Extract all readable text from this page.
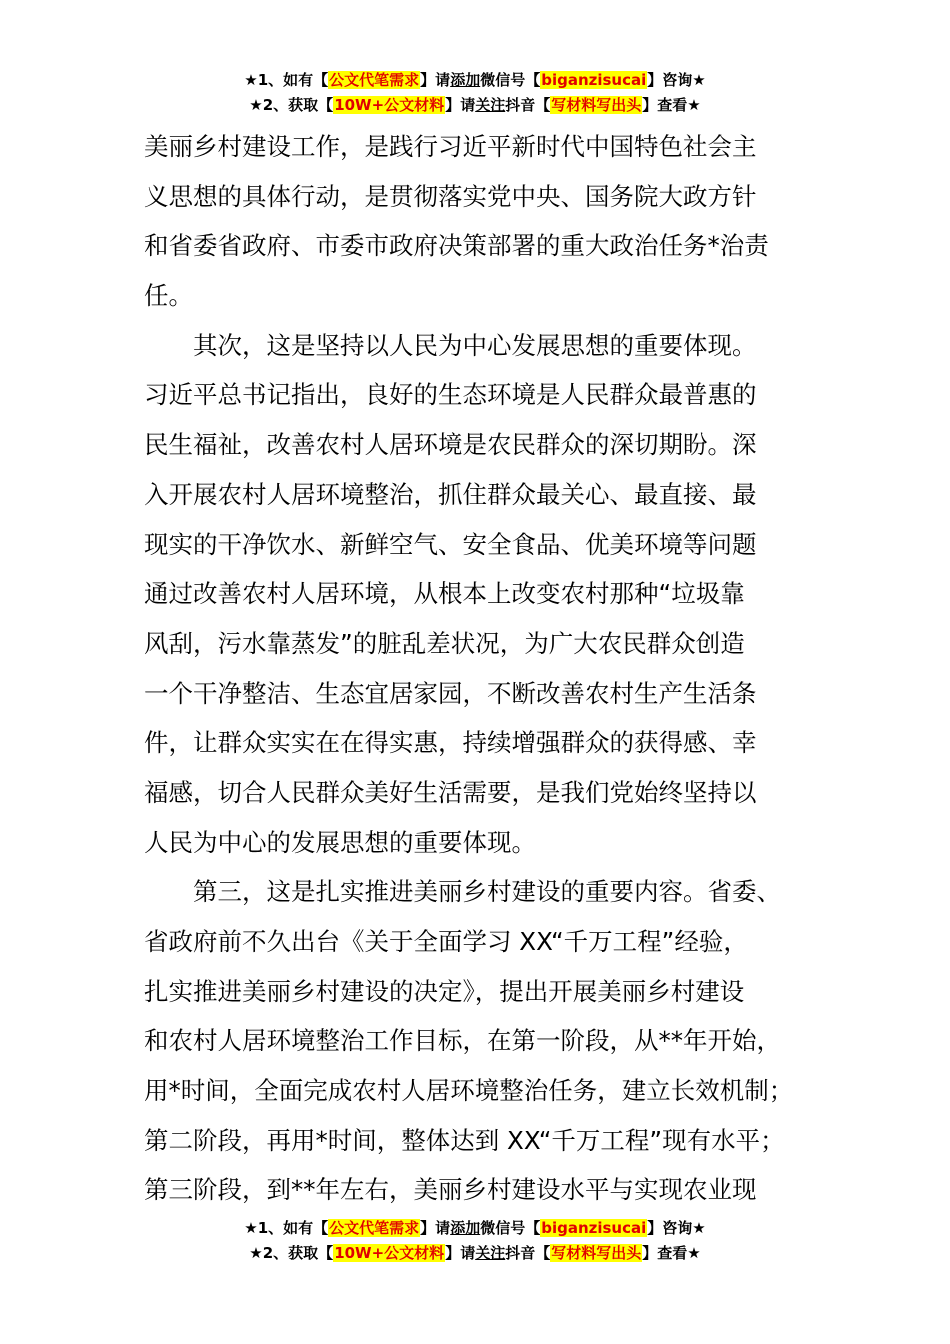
★1、如有【公文代笔需求】请添加微信号【biganzisucai】咨询★
★2、获取【10W+公文材料】请关注抖音【写材料写出头】查看★
美丽乡村建设工作，是践行习近平新时代中国特色社会主
义思想的具体行动，是贯彻落实党中央、国务院大政方针
和省委省政府、市委市政府决策部署的重大政治任务*治责
任。
　　其次，这是坚持以人民为中心发展思想的重要体现。
习近平总书记指出，良好的生态环境是人民群众最普惠的
民生福祉，改善农村人居环境是农民群众的深切期盼。深
入开展农村人居环境整治，抓住群众最关心、最直接、最
现实的干净饮水、新鲜空气、安全食品、优美环境等问题
通过改善农村人居环境，从根本上改变农村那种“垃圾靠
风刮，污水靠蒸发”的脏乱差状况，为广大农民群众创造
一个干净整洁、生态宜居家园，不断改善农村生产生活条
件，让群众实实在在得实惠，持续增强群众的获得感、幸
福感，切合人民群众美好生活需要，是我们党始终坚持以
人民为中心的发展思想的重要体现。
　　第三，这是扎实推进美丽乡村建设的重要内容。省委、
省政府前不久出台《关于全面学习 XX“千万工程”经验，
扎实推进美丽乡村建设的决定》，提出开展美丽乡村建设
和农村人居环境整治工作目标，在第一阶段，从**年开始，
用*时间，全面完成农村人居环境整治任务，建立长效机制；
第二阶段，再用*时间，整体达到 XX“千万工程”现有水平；
第三阶段，到**年左右，美丽乡村建设水平与实现农业现
★1、如有【公文代笔需求】请添加微信号【biganzisucai】咨询★
★2、获取【10W+公文材料】请关注抖音【写材料写出头】查看★
